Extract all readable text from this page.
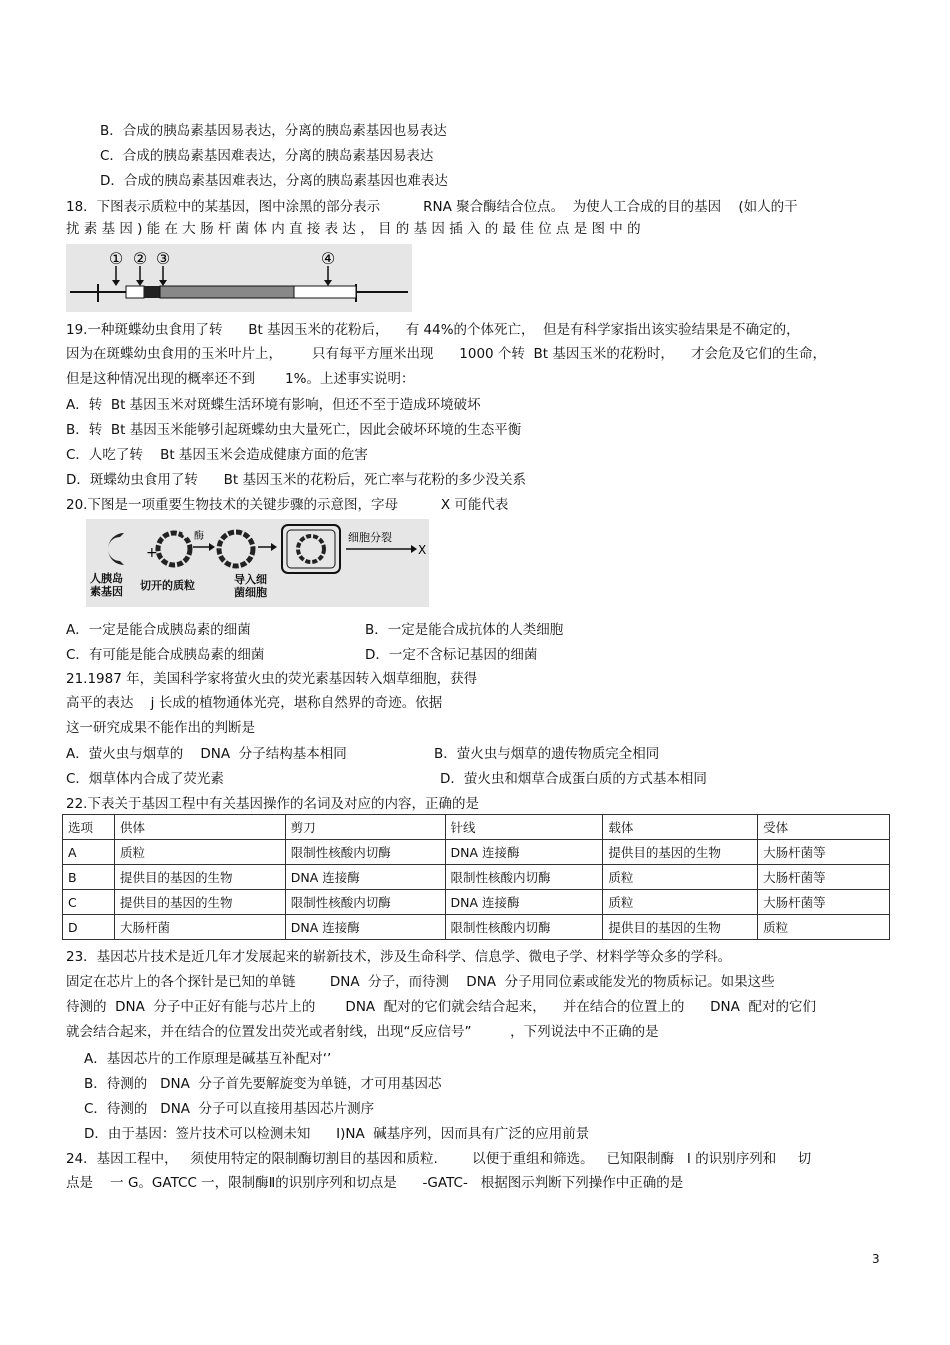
B．合成的胰岛素基因易表达，分离的胰岛素基因也易表达
C．合成的胰岛素基因难表达，分离的胰岛素基因易表达
D．合成的胰岛素基因难表达，分离的胰岛素基因也难表达
18．下图表示质粒中的某基因，图中涂黑的部分表示          RNA 聚合酶结合位点。  为使人工合成的目的基因    (如人的干
扰 素 基 因 ) 能 在 大 肠 杆 菌 体 内 直 接 表 达 ， 目 的 基 因 插 入 的 最 佳 位 点 是 图 中 的
① ② ③	④
19.一种斑蝶幼虫食用了转      Bt 基因玉米的花粉后，    有 44%的个体死亡，  但是有科学家指出该实验结果是不确定的，
因为在斑蝶幼虫食用的玉米叶片上，       只有每平方厘米出现      1000 个转  Bt 基因玉米的花粉时，    才会危及它们的生命，
但是这种情况出现的概率还不到       1%。上述事实说明：
A．转  Bt 基因玉米对斑蝶生活环境有影响，但还不至于造成环境破坏
B．转  Bt 基因玉米能够引起斑蝶幼虫大量死亡，因此会破坏环境的生态平衡
C．人吃了转    Bt 基因玉米会造成健康方面的危害
D．斑蝶幼虫食用了转      Bt 基因玉米的花粉后，死亡率与花粉的多少没关系
20.下图是一项重要生物技术的关键步骤的示意图，字母          X 可能代表
+
酶	细胞分裂
X
人胰岛
素基因 切开的质粒	导入细
菌细胞
A．一定是能合成胰岛素的细菌	B．一定是能合成抗体的人类细胞
C．有可能是能合成胰岛素的细菌	D．一定不含标记基因的细菌
21.1987 年，美国科学家将萤火虫的荧光素基因转入烟草细胞，获得
高平的表达    j 长成的植物通体光亮，堪称自然界的奇迹。依据
这一研究成果不能作出的判断是
A．萤火虫与烟草的    DNA  分子结构基本相同	B．萤火虫与烟草的遗传物质完全相同
C．烟草体内合成了荧光素	D．萤火虫和烟草合成蛋白质的方式基本相同
22.下表关于基因工程中有关基因操作的名词及对应的内容，正确的是
选项	供体	剪刀	针线	载体	受体
A	质粒	限制性核酸内切酶	DNA 连接酶	提供目的基因的生物	大肠杆菌等
B	提供目的基因的生物	DNA 连接酶	限制性核酸内切酶	质粒	大肠杆菌等
C	提供目的基因的生物	限制性核酸内切酶	DNA 连接酶	质粒	大肠杆菌等
D	大肠杆菌	DNA 连接酶	限制性核酸内切酶	提供目的基因的生物	质粒
23．基因芯片技术是近几年才发展起来的崭新技术，涉及生命科学、信息学、微电子学、材料学等众多的学科。
固定在芯片上的各个探针是已知的单链        DNA  分子，而待测    DNA  分子用同位素或能发光的物质标记。如果这些
待测的  DNA  分子中正好有能与芯片上的       DNA  配对的它们就会结合起来，    并在结合的位置上的      DNA  配对的它们
就会结合起来，并在结合的位置发出荧光或者射线，出现“反应信号”         ，下列说法中不正确的是
A．基因芯片的工作原理是碱基互补配对‘’
B．待测的   DNA  分子首先要解旋变为单链，才可用基因芯
C．待测的   DNA  分子可以直接用基因芯片测序
D．由于基因：签片技术可以检测未知      I)NA  碱基序列，因而具有广泛的应用前景
24．基因工程中，   须使用特定的限制酶切割目的基因和质粒.        以便于重组和筛选。   已知限制酶   I 的识别序列和     切
点是    一 G。GATCC 一，限制酶Ⅱ的识别序列和切点是      -GATC-   根据图示判断下列操作中正确的是
3
